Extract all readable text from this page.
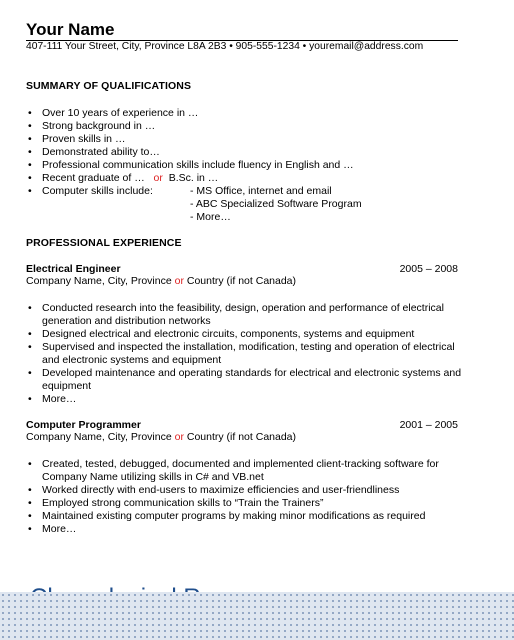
Your Name
407-111 Your Street, City, Province L8A 2B3 • 905-555-1234 • youremail@address.com
SUMMARY OF QUALIFICATIONS
• Over 10 years of experience in …
• Strong background in …
• Proven skills in …
• Demonstrated ability to…
• Professional communication skills include fluency in English and …
• Recent graduate of … or B.Sc. in …
• Computer skills include:	- MS Office, internet and email
- ABC Specialized Software Program
- More…
PROFESSIONAL EXPERIENCE
Electrical Engineer	2005 – 2008
Company Name, City, Province or Country (if not Canada)
• Conducted research into the feasibility, design, operation and performance of electrical generation and distribution networks
• Designed electrical and electronic circuits, components, systems and equipment
• Supervised and inspected the installation, modification, testing and operation of electrical and electronic systems and equipment
• Developed maintenance and operating standards for electrical and electronic systems and equipment
• More…
Computer Programmer	2001 – 2005
Company Name, City, Province or Country (if not Canada)
• Created, tested, debugged, documented and implemented client-tracking software for Company Name utilizing skills in C# and VB.net
• Worked directly with end-users to maximize efficiencies and user-friendliness
• Employed strong communication skills to “Train the Trainers”
• Maintained existing computer programs by making minor modifications as required
• More…
